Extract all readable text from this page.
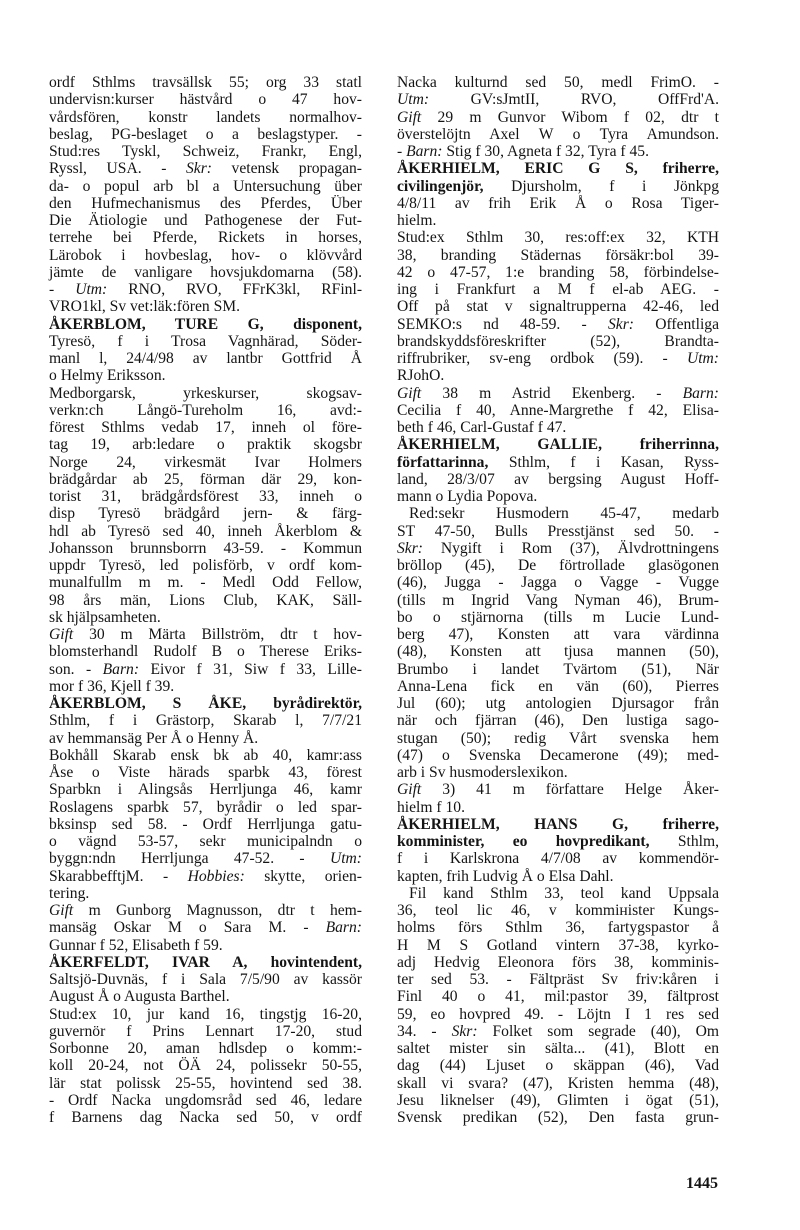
ordf Sthlms travsällsk 55; org 33 statl
undervisn:kurser hästvård o 47 hov-
vårdsfören, konstr landets normalhov-
beslag, PG-beslaget o a beslagstyper. -
Stud:res Tyskl, Schweiz, Frankr, Engl,
Ryssl, USA. - Skr: vetensk propagan-
da- o popul arb bl a Untersuchung über
den Hufmechanismus des Pferdes, Über
Die Ätiologie und Pathogenese der Fut-
terrehe bei Pferde, Rickets in horses,
Lärobok i hovbeslag, hov- o klövvård
jämte de vanligare hovsjukdomarna (58).
- Utm: RNO, RVO, FFrK3kl, RFinl-
VRO1kl, Sv vet:läk:fören SM.
ÅKERBLOM, TURE G, disponent,
Tyresö, f i Trosa Vagnhärad, Söder-
manl l, 24/4/98 av lantbr Gottfrid Å
o Helmy Eriksson.
Medborgarsk, yrkeskurser, skogsav-
verkn:ch Långö-Tureholm 16, avd:-
förest Sthlms vedab 17, inneh ol före-
tag 19, arb:ledare o praktik skogsbr
Norge 24, virkesmät Ivar Holmers
brädgårdar ab 25, förman där 29, kon-
torist 31, brädgårdsförest 33, inneh o
disp Tyresö brädgård jern- & färg-
hdl ab Tyresö sed 40, inneh Åkerblom &
Johansson brunnsborrn 43-59. - Kommun
uppdr Tyresö, led polisförb, v ordf kom-
munalfullm m m. - Medl Odd Fellow,
98 års män, Lions Club, KAK, Säll-
sk hjälpsamheten.
Gift 30 m Märta Billström, dtr t hov-
blomsterhandl Rudolf B o Therese Eriks-
son. - Barn: Eivor f 31, Siw f 33, Lille-
mor f 36, Kjell f 39.
ÅKERBLOM, S ÅKE, byrådirektör,
Sthlm, f i Grästorp, Skarab l, 7/7/21
av hemmansäg Per Å o Henny Å.
Bokhåll Skarab ensk bk ab 40, kamr:ass
Åse o Viste härads sparbk 43, förest
Sparbkn i Alingsås Herrljunga 46, kamr
Roslagens sparbk 57, byrådir o led spar-
bksinsp sed 58. - Ordf Herrljunga gatu-
o vägnd 53-57, sekr municipalndn o
byggn:ndn Herrljunga 47-52. - Utm:
SkarabbefftjM. - Hobbies: skytte, orien-
tering.
Gift m Gunborg Magnusson, dtr t hem-
mansäg Oskar M o Sara M. - Barn:
Gunnar f 52, Elisabeth f 59.
ÅKERFELDT, IVAR A, hovintendent,
Saltsjö-Duvnäs, f i Sala 7/5/90 av kassör
August Å o Augusta Barthel.
Stud:ex 10, jur kand 16, tingstjg 16-20,
guvernör f Prins Lennart 17-20, stud
Sorbonne 20, aman hdlsdep o komm:-
koll 20-24, not ÖÄ 24, polissekr 50-55,
lär stat polissk 25-55, hovintend sed 38.
- Ordf Nacka ungdomsråd sed 46, ledare
f Barnens dag Nacka sed 50, v ordf
Nacka kulturnd sed 50, medl FrimO. -
Utm: GV:sJmtII, RVO, OffFrd'A.
Gift 29 m Gunvor Wibom f 02, dtr t
överstelöjtn Axel W o Tyra Amundson.
- Barn: Stig f 30, Agneta f 32, Tyra f 45.
ÅKERHIELM, ERIC G S, friherre,
civilingenjör, Djursholm, f i Jönkpg
4/8/11 av frih Erik Å o Rosa Tiger-
hielm.
Stud:ex Sthlm 30, res:off:ex 32, KTH
38, branding Städernas försäkr:bol 39-
42 o 47-57, 1:e branding 58, förbindelse-
ing i Frankfurt a M f el-ab AEG. -
Off på stat v signaltrupperna 42-46, led
SEMKO:s nd 48-59. - Skr: Offentliga
brandskyddsföreskrifter (52), Brandta-
riffrubriker, sv-eng ordbok (59). - Utm:
RJohO.
Gift 38 m Astrid Ekenberg. - Barn:
Cecilia f 40, Anne-Margrethe f 42, Elisa-
beth f 46, Carl-Gustaf f 47.
ÅKERHIELM, GALLIE, friherrinna,
författarinna, Sthlm, f i Kasan, Ryss-
land, 28/3/07 av bergsing August Hoff-
mann o Lydia Popova.
Red:sekr Husmodern 45-47, medarb
ST 47-50, Bulls Presstjänst sed 50. -
Skr: Nygift i Rom (37), Älvdrottningens
bröllop (45), De förtrollade glasögonen
(46), Jugga - Jagga o Vagge - Vugge
(tills m Ingrid Vang Nyman 46), Brum-
bo o stjärnorna (tills m Lucie Lund-
berg 47), Konsten att vara värdinna
(48), Konsten att tjusa mannen (50),
Brumbo i landet Tvärtom (51), När
Anna-Lena fick en vän (60), Pierres
Jul (60); utg antologien Djursagor från
när och fjärran (46), Den lustiga sago-
stugan (50); redig Vårt svenska hem
(47) o Svenska Decamerone (49); med-
arb i Sv husmoderslexikon.
Gift 3) 41 m författare Helge Åker-
hielm f 10.
ÅKERHIELM, HANS G, friherre,
komminister, eo hovpredikant, Sthlm,
f i Karlskrona 4/7/08 av kommendör-
kapten, frih Ludvig Å o Elsa Dahl.
Fil kand Sthlm 33, teol kand Uppsala
36, teol lic 46, v kommінister Kungs-
holms förs Sthlm 36, fartygspastor å
H M S Gotland vintern 37-38, kyrko-
adj Hedvig Eleonora förs 38, komminis-
ter sed 53. - Fältpräst Sv friv:kåren i
Finl 40 o 41, mil:pastor 39, fältprost
59, eo hovpred 49. - Löjtn I 1 res sed
34. - Skr: Folket som segrade (40), Om
saltet mister sin sälta... (41), Blott en
dag (44) Ljuset o skäppan (46), Vad
skall vi svara? (47), Kristen hemma (48),
Jesu liknelser (49), Glimten i ögat (51),
Svensk predikan (52), Den fasta grun-
1445
